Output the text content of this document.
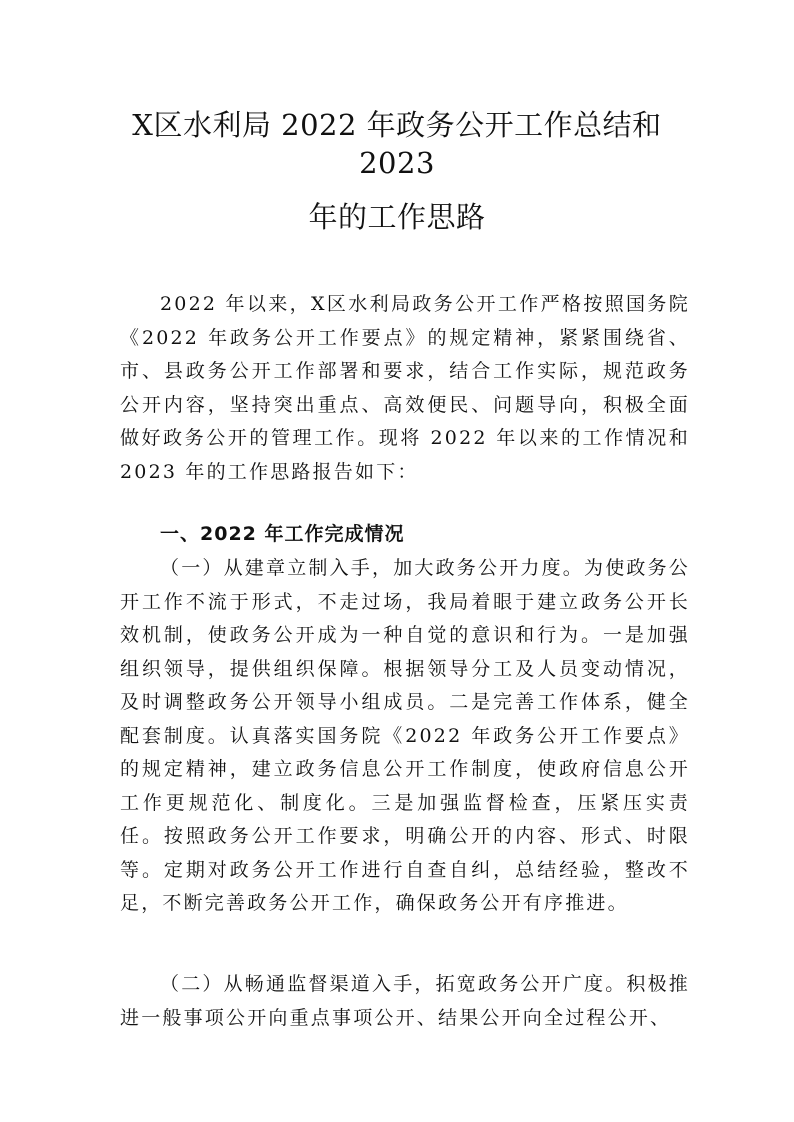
X区水利局 2022 年政务公开工作总结和
2023
年的工作思路

2022 年以来，X区水利局政务公开工作严格按照国务院《2022 年政务公开工作要点》的规定精神，紧紧围绕省、市、县政务公开工作部署和要求，结合工作实际，规范政务公开内容，坚持突出重点、高效便民、问题导向，积极全面做好政务公开的管理工作。现将 2022 年以来的工作情况和 2023 年的工作思路报告如下：

一、2022 年工作完成情况

（一）从建章立制入手，加大政务公开力度。为使政务公开工作不流于形式，不走过场，我局着眼于建立政务公开长效机制，使政务公开成为一种自觉的意识和行为。一是加强组织领导，提供组织保障。根据领导分工及人员变动情况，及时调整政务公开领导小组成员。二是完善工作体系，健全配套制度。认真落实国务院《2022 年政务公开工作要点》的规定精神，建立政务信息公开工作制度，使政府信息公开工作更规范化、制度化。三是加强监督检查，压紧压实责任。按照政务公开工作要求，明确公开的内容、形式、时限等。定期对政务公开工作进行自查自纠，总结经验，整改不足，不断完善政务公开工作，确保政务公开有序推进。

（二）从畅通监督渠道入手，拓宽政务公开广度。积极推进一般事项公开向重点事项公开、结果公开向全过程公开、
